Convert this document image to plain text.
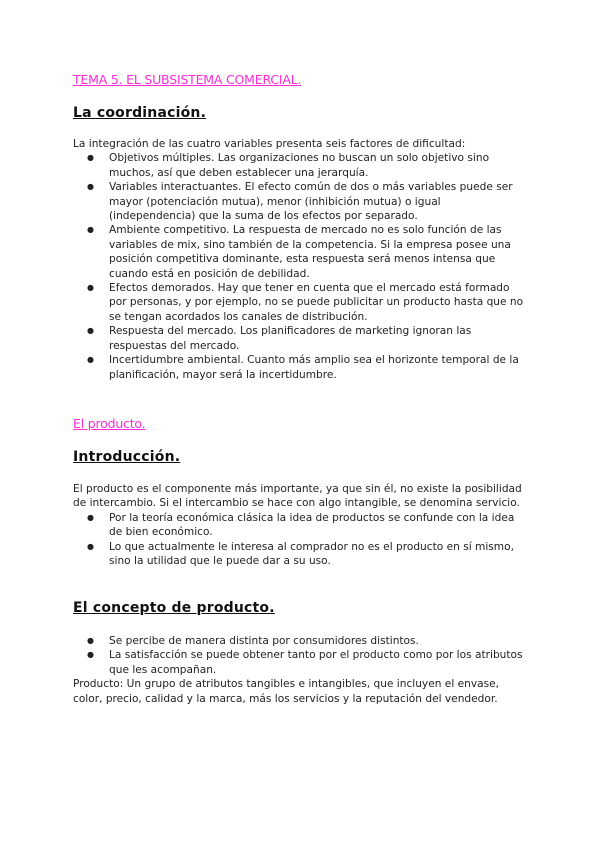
TEMA 5. EL SUBSISTEMA COMERCIAL.
La coordinación.

La integración de las cuatro variables presenta seis factores de dificultad:

● Objetivos múltiples. Las organizaciones no buscan un solo objetivo sino muchos, así que deben establecer una jerarquía.
● Variables interactuantes. El efecto común de dos o más variables puede ser mayor (potenciación mutua), menor (inhibición mutua) o igual (independencia) que la suma de los efectos por separado.
● Ambiente competitivo. La respuesta de mercado no es solo función de las variables de mix, sino también de la competencia. Si la empresa posee una posición competitiva dominante, esta respuesta será menos intensa que cuando está en posición de debilidad.
● Efectos demorados. Hay que tener en cuenta que el mercado está formado por personas, y por ejemplo, no se puede publicitar un producto hasta que no se tengan acordados los canales de distribución.
● Respuesta del mercado. Los planificadores de marketing ignoran las respuestas del mercado.
● Incertidumbre ambiental. Cuanto más amplio sea el horizonte temporal de la planificación, mayor será la incertidumbre.
El producto.
Introducción.

El producto es el componente más importante, ya que sin él, no existe la posibilidad de intercambio. Si el intercambio se hace con algo intangible, se denomina servicio.

● Por la teoría económica clásica la idea de productos se confunde con la idea de bien económico.
● Lo que actualmente le interesa al comprador no es el producto en sí mismo, sino la utilidad que le puede dar a su uso.
El concepto de producto.
● Se percibe de manera distinta por consumidores distintos.
● La satisfacción se puede obtener tanto por el producto como por los atributos que les acompañan.

Producto: Un grupo de atributos tangibles e intangibles, que incluyen el envase, color, precio, calidad y la marca, más los servicios y la reputación del vendedor.
